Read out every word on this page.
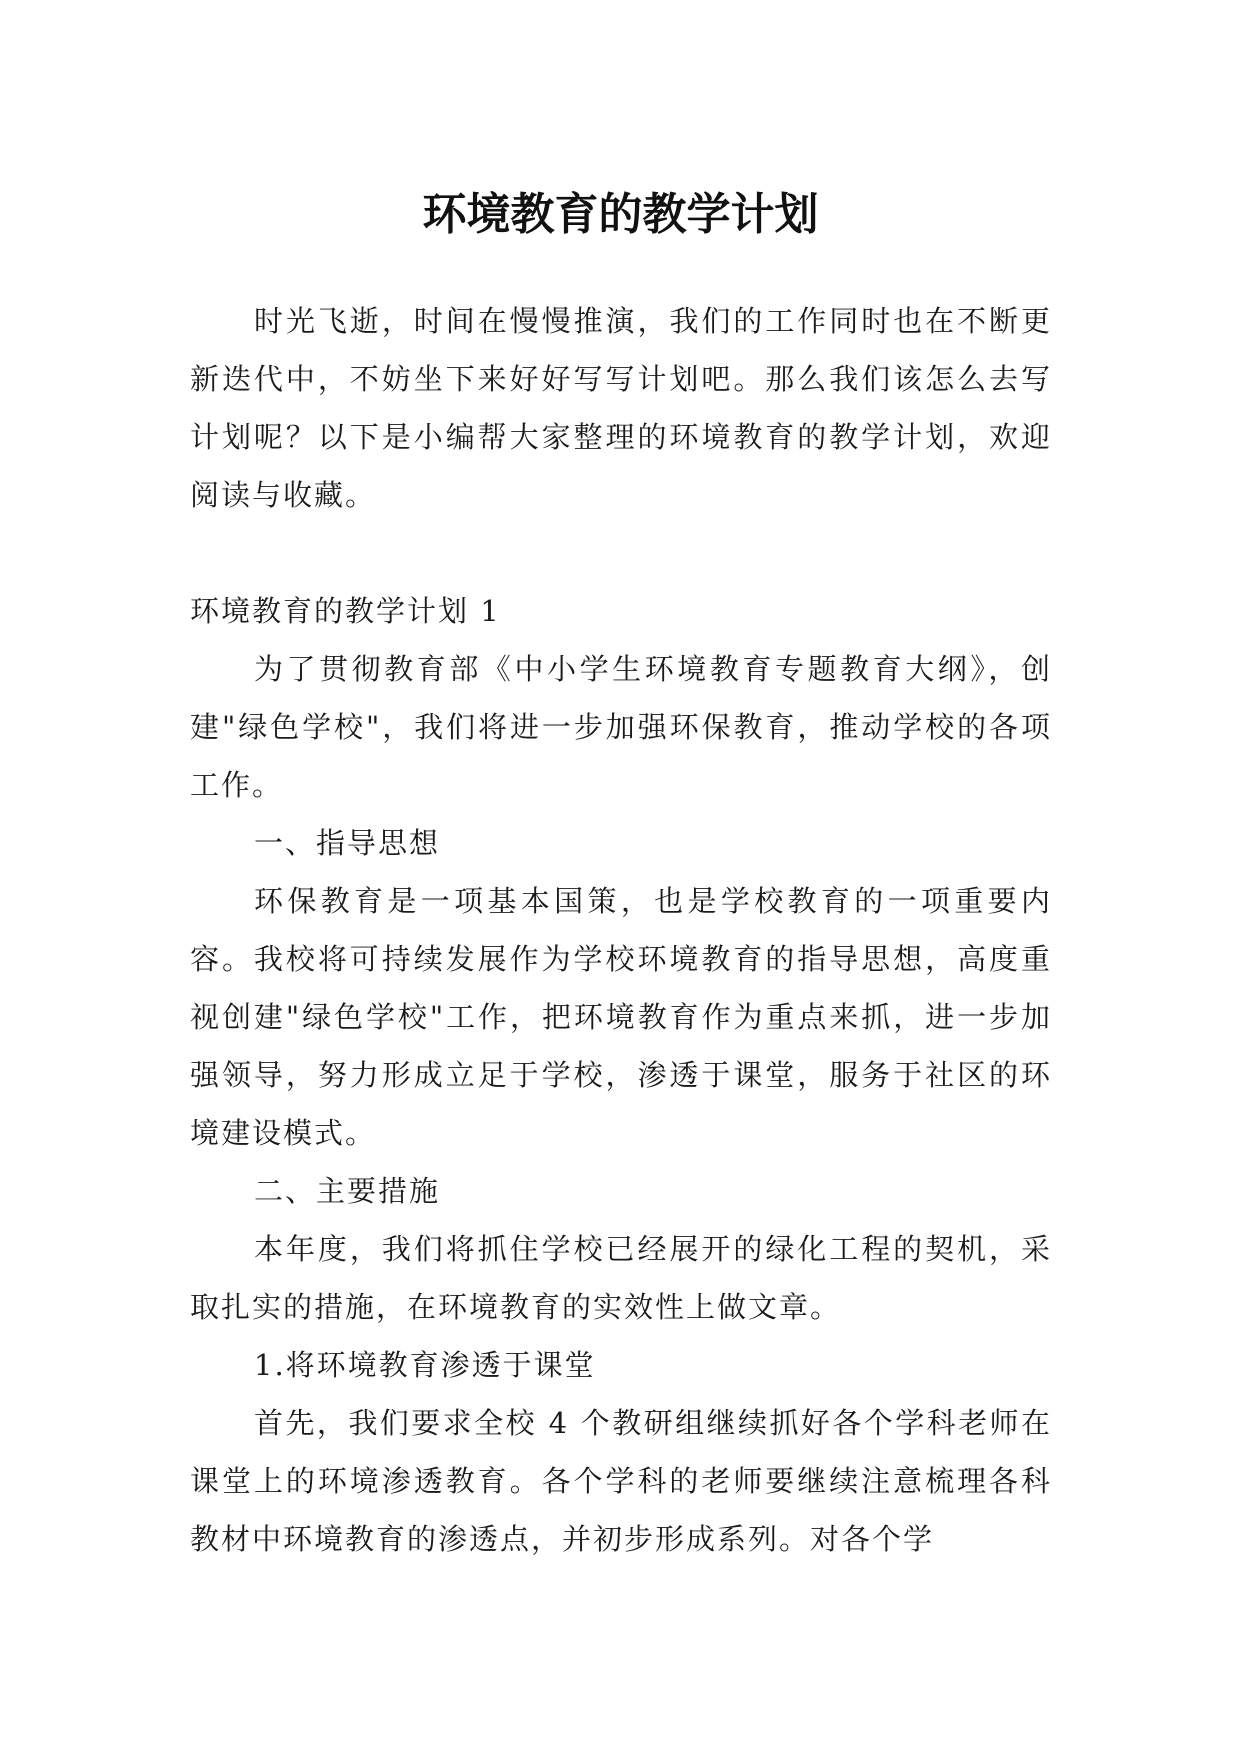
环境教育的教学计划

时光飞逝，时间在慢慢推演，我们的工作同时也在不断更新迭代中，不妨坐下来好好写写计划吧。那么我们该怎么去写计划呢？以下是小编帮大家整理的环境教育的教学计划，欢迎阅读与收藏。

环境教育的教学计划 1

为了贯彻教育部《中小学生环境教育专题教育大纲》，创建"绿色学校"，我们将进一步加强环保教育，推动学校的各项工作。

一、指导思想

环保教育是一项基本国策，也是学校教育的一项重要内容。我校将可持续发展作为学校环境教育的指导思想，高度重视创建"绿色学校"工作，把环境教育作为重点来抓，进一步加强领导，努力形成立足于学校，渗透于课堂，服务于社区的环境建设模式。

二、主要措施

本年度，我们将抓住学校已经展开的绿化工程的契机，采取扎实的措施，在环境教育的实效性上做文章。

1.将环境教育渗透于课堂

首先，我们要求全校 4 个教研组继续抓好各个学科老师在课堂上的环境渗透教育。各个学科的老师要继续注意梳理各科教材中环境教育的渗透点，并初步形成系列。对各个学
